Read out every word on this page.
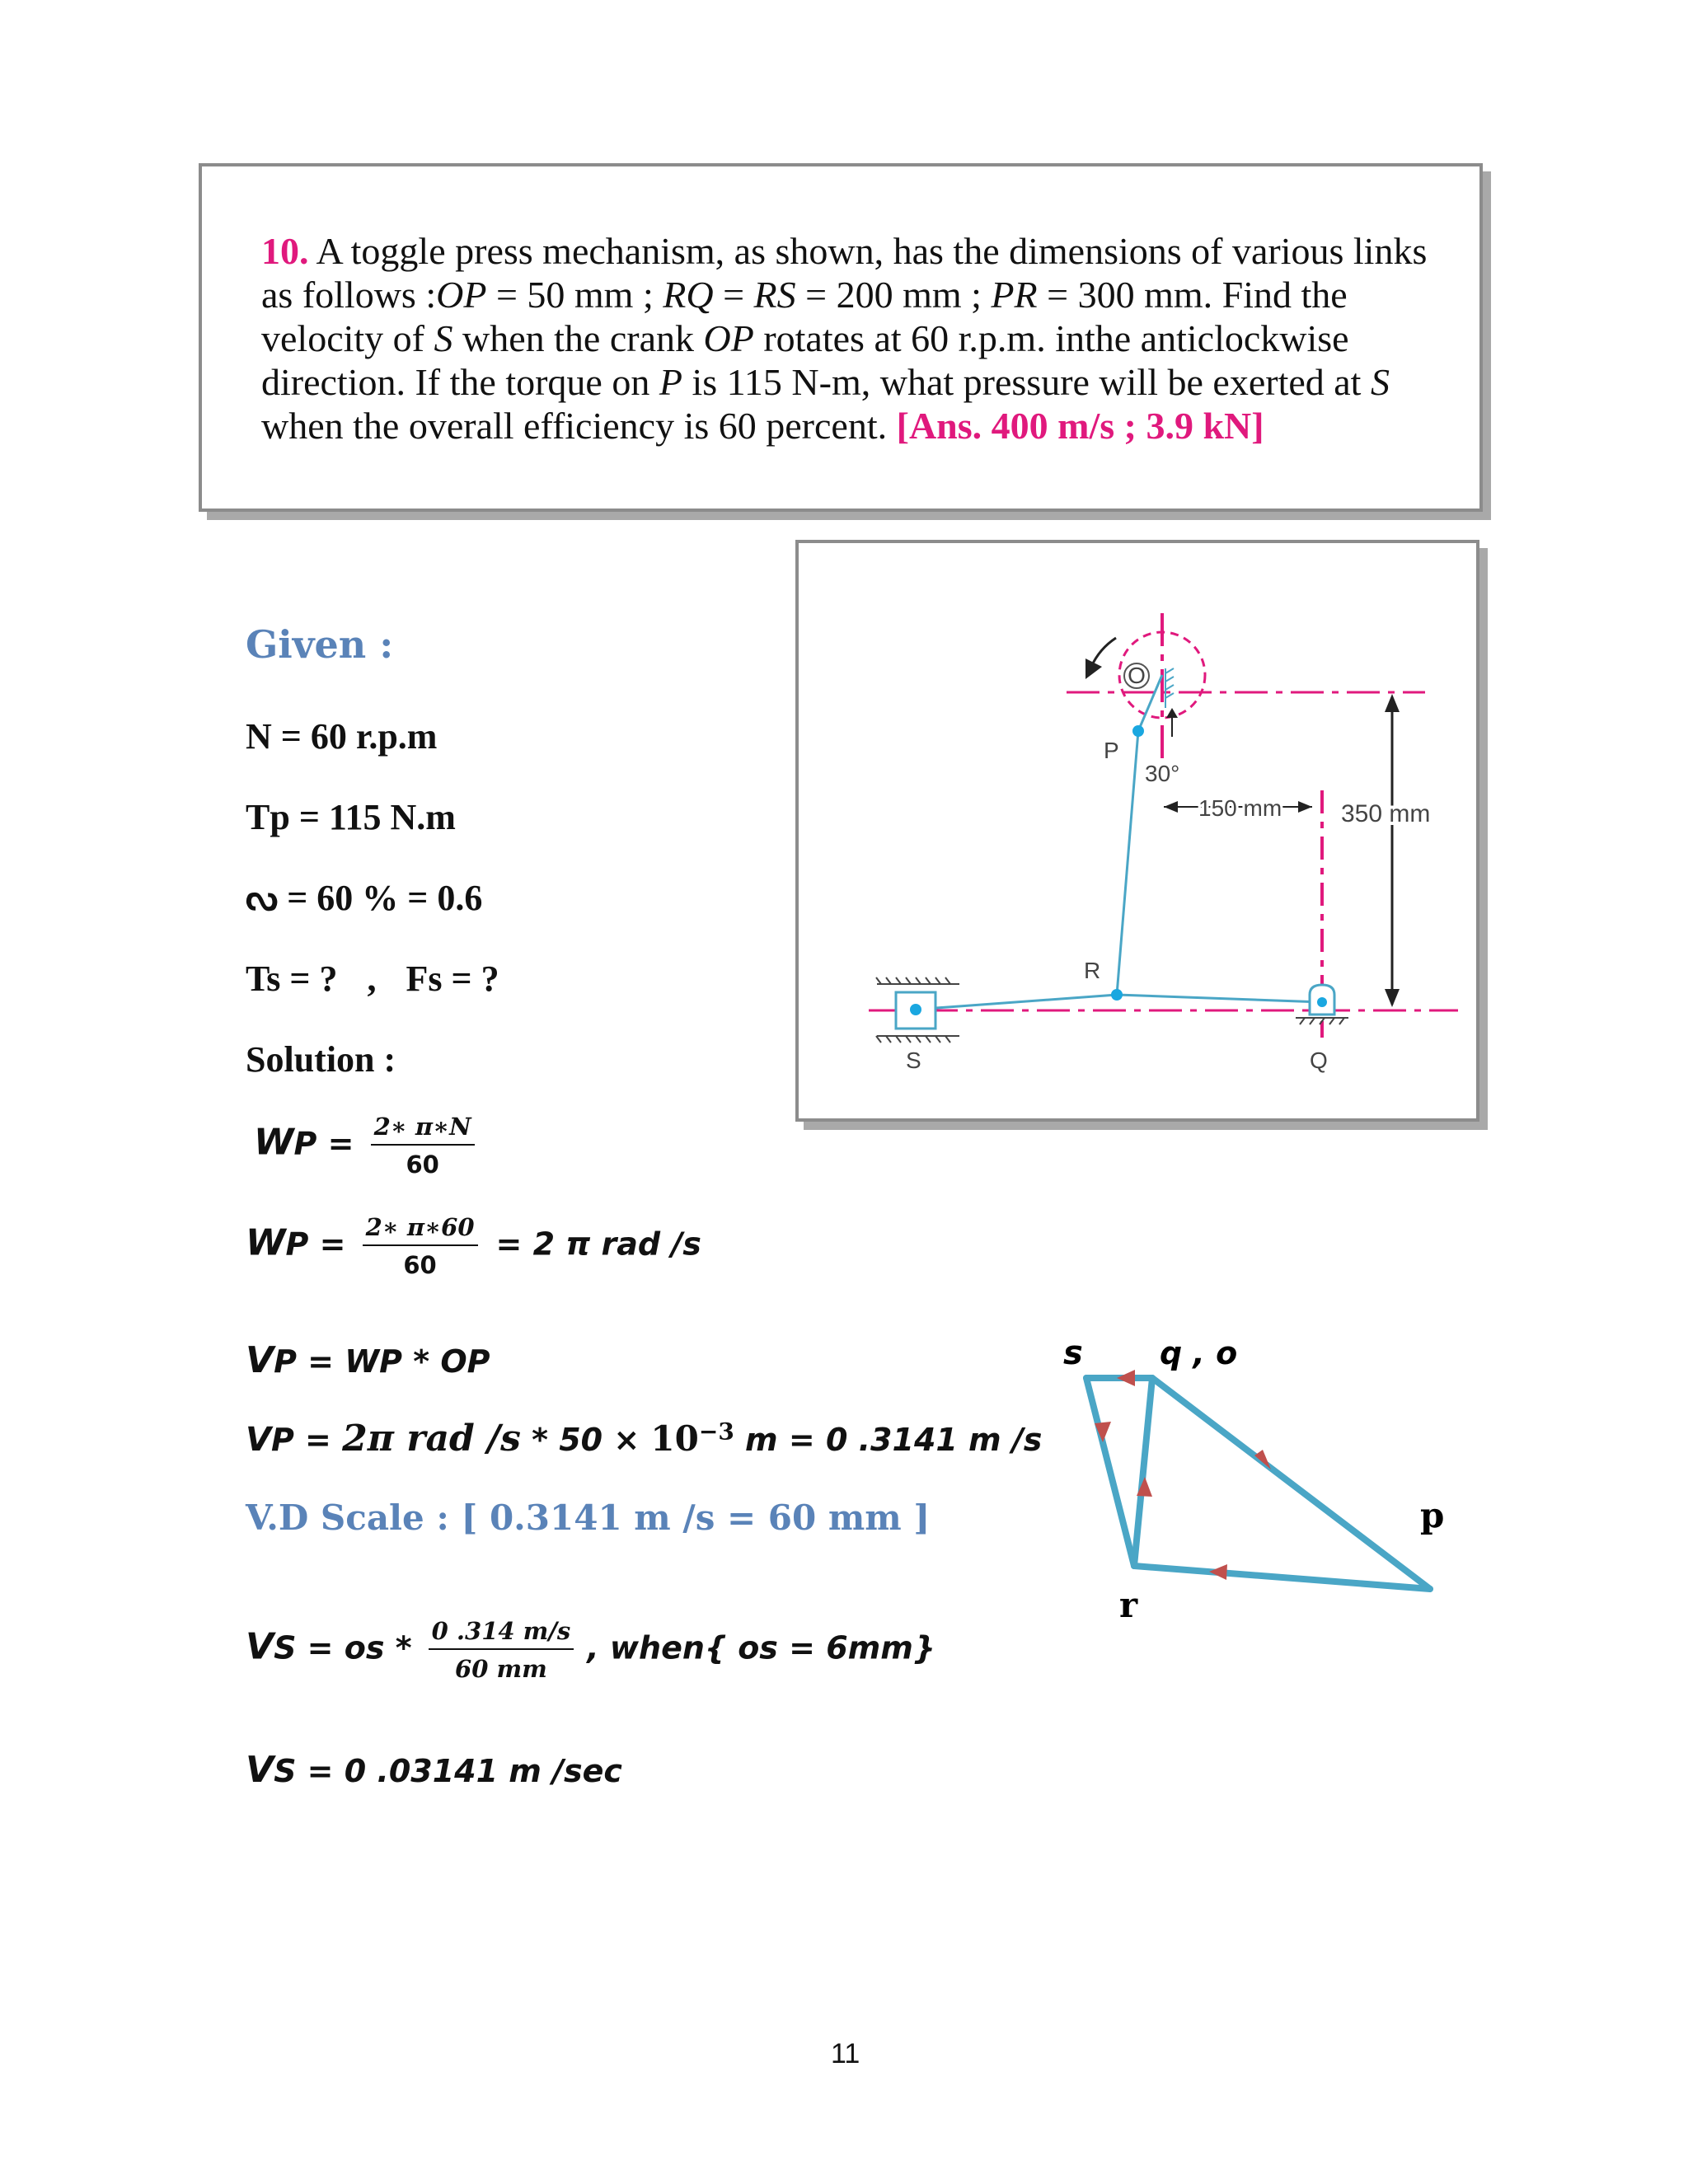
10. A toggle press mechanism, as shown, has the dimensions of various links as follows :OP = 50 mm ; RQ = RS = 200 mm ; PR = 300 mm. Find the velocity of S when the crank OP rotates at 60 r.p.m. inthe anticlockwise direction. If the torque on P is 115 N-m, what pressure will be exerted at S when the overall efficiency is 60 percent. [Ans. 400 m/s ; 3.9 kN]
O
S	Q
P
R
30°
150 mm 350 mm
Given :
N = 60 r.p.m
Tp = 115 N.m
ᔓ = 60 % = 0.6
Ts = ? , Fs = ?
Solution :
WP = $\frac{2∗ \pi∗N}{60}$
WP = $\frac{2∗ \pi∗60}{60} = 2$ π rad /s
VP = WP * OP
VP = 2π rad $/s * 50 \times 10^{-3}$ m = 0 .3141 m /s
V.D Scale : [ 0.3141 m /s = 60 mm ]
VS = os * $\frac{0 .314 m/s}{60 mm}$ , when{ os = 6mm}
VS = 0 .03141 m /sec
s q , o
p
r
11
